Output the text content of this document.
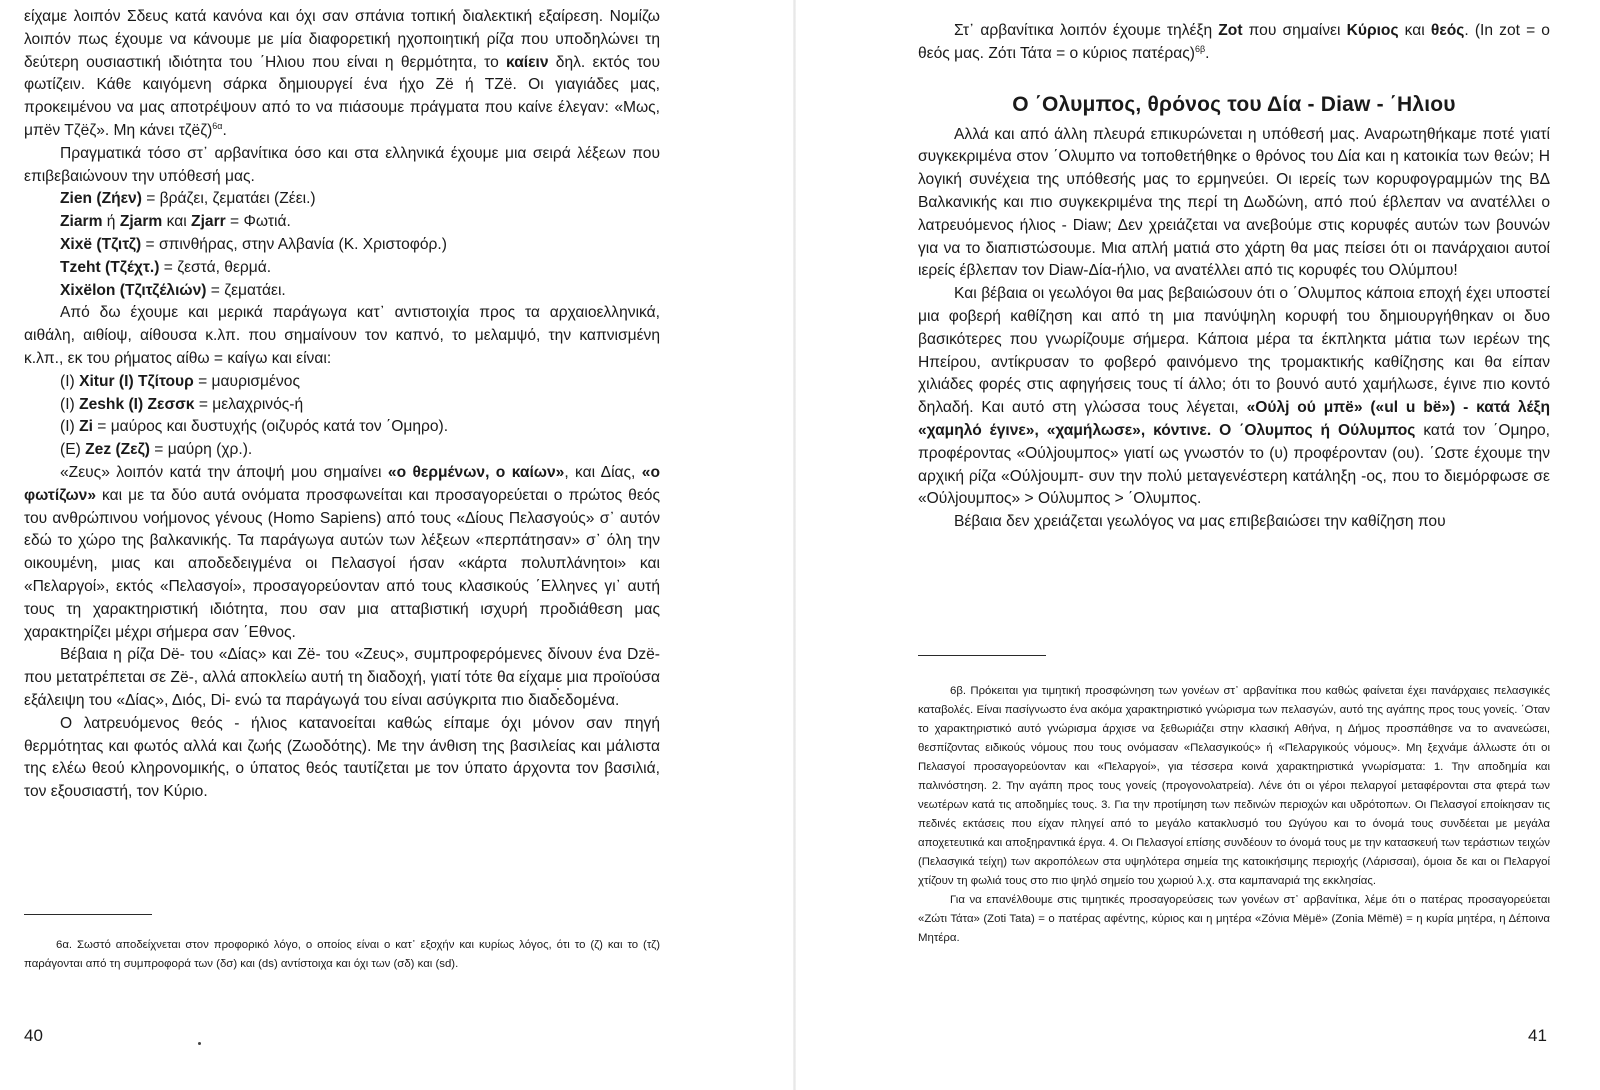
είχαμε λοιπόν Σδευς κατά κανόνα και όχι σαν σπάνια τοπική διαλεκτική εξαίρεση. Νομίζω λοιπόν πως έχουμε να κάνουμε με μία διαφορετική ηχοποιητική ρίζα που υποδηλώνει τη δεύτερη ουσιαστική ιδιότητα του ΄Ηλιου που είναι η θερμότητα, το καίειν δηλ. εκτός του φωτίζειν. Κάθε καιγόμενη σάρκα δημιουργεί ένα ήχο Ζё ή ΤΖё. Οι γιαγιάδες μας, προκειμένου να μας αποτρέψουν από το να πιάσουμε πράγματα που καίνε έλεγαν: «Μως, μπёν Τζёζ». Μη κάνει τζёζ)$^{6\alpha}$.

Πραγματικά τόσο στ᾽ αρβανίτικα όσο και στα ελληνικά έχουμε μια σειρά λέξεων που επιβεβαιώνουν την υπόθεσή μας.

Zien (Ζήεν) = βράζει, ζεματάει (Ζέει.)

Ziarm ή Zjarm και Zjarr = Φωτιά.

Xixё (Τζιτζ) = σπινθήρας, στην Αλβανία (Κ. Χριστοφόρ.)

Tzeht (Τζέχτ.) = ζεστά, θερμά.

Xixёlon (Τζιτζέλιών) = ζεματάει.

Από δω έχουμε και μερικά παράγωγα κατ᾽ αντιστοιχία προς τα αρχαιοελληνικά, αιθάλη, αιθίοψ, αίθουσα κ.λπ. που σημαίνουν τον καπνό, το μελαμψό, την καπνισμένη κ.λπ., εκ του ρήματος αίθω = καίγω και είναι:

(Ι) Xitur (Ι) Τζίτουρ = μαυρισμένος

(Ι) Zeshk (Ι) Ζεσσκ = μελαχρινός-ή

(Ι) Zi = μαύρος και δυστυχής (οιζυρός κατά τον ΄Ομηρο).

(Ε) Zez (Ζεζ) = μαύρη (χρ.).

«Ζευς» λοιπόν κατά την άποψή μου σημαίνει «ο θερμένων, ο καίων», και Δίας, «ο φωτίζων» και με τα δύο αυτά ονόματα προσφωνείται και προσαγορεύεται ο πρώτος θεός του ανθρώπινου νοήμονος γένους (Homo Sapiens) από τους «Δίους Πελασγούς» σ᾽ αυτόν εδώ το χώρο της βαλκανικής. Τα παράγωγα αυτών των λέξεων «περπάτησαν» σ᾽ όλη την οικουμένη, μιας και αποδεδειγμένα οι Πελασγοί ήσαν «κάρτα πολυπλάνητοι» και «Πελαργοί», εκτός «Πελασγοί», προσαγορεύονταν από τους κλασικούς ΄Ελληνες γι᾽ αυτή τους τη χαρακτηριστική ιδιότητα, που σαν μια ατταβιστική ισχυρή προδιάθεση μας χαρακτηρίζει μέχρι σήμερα σαν ΄Εθνος.

Βέβαια η ρίζα Dё- του «Δίας» και Ζё- του «Ζευς», συμπροφερόμενες δίνουν ένα Dzё- που μετατρέπεται σε Ζё-, αλλά αποκλείω αυτή τη διαδοχή, γιατί τότε θα είχαμε μια προϊούσα εξάλειψη του «Δίας», Διός, Di- ενώ τα παράγωγά του είναι ασύγκριτα πιο διαδεδομένα.

Ο λατρευόμενος θεός - ήλιος κατανοείται καθώς είπαμε όχι μόνον σαν πηγή θερμότητας και φωτός αλλά και ζωής (Ζωοδότης). Με την άνθιση της βασιλείας και μάλιστα της ελέω θεού κληρονομικής, ο ύπατος θεός ταυτίζεται με τον ύπατο άρχοντα τον βασιλιά, τον εξουσιαστή, τον Κύριο.

6α. Σωστό αποδείχνεται στον προφορικό λόγο, ο οποίος είναι ο κατ᾽ εξοχήν και κυρίως λόγος, ότι το (ζ) και το (τζ) παράγονται από τη συμπροφορά των (δσ) και (ds) αντίστοιχα και όχι των (σδ) και (sd).

40

Στ᾽ αρβανίτικα λοιπόν έχουμε τηλέξη Zot που σημαίνει Κύριος και θεός. (In zot = ο θεός μας. Ζότι Τάτα = ο κύριος πατέρας)$^{6\beta}$.

Ο ΄Ολυμπος, θρόνος του Δία - Diaw - ΄Ηλιου

Αλλά και από άλλη πλευρά επικυρώνεται η υπόθεσή μας. Αναρωτηθήκαμε ποτέ γιατί συγκεκριμένα στον ΄Ολυμπο να τοποθετήθηκε ο θρόνος του Δία και η κατοικία των θεών; Η λογική συνέχεια της υπόθεσής μας το ερμηνεύει. Οι ιερείς των κορυφογραμμών της ΒΔ Βαλκανικής και πιο συγκεκριμένα της περί τη Δωδώνη, από πού έβλεπαν να ανατέλλει ο λατρευόμενος ήλιος - Diaw; Δεν χρειάζεται να ανεβούμε στις κορυφές αυτών των βουνών για να το διαπιστώσουμε. Μια απλή ματιά στο χάρτη θα μας πείσει ότι οι πανάρχαιοι αυτοί ιερείς έβλεπαν τον Diaw-Δία-ήλιο, να ανατέλλει από τις κορυφές του Ολύμπου!

Και βέβαια οι γεωλόγοι θα μας βεβαιώσουν ότι ο ΄Ολυμπος κάποια εποχή έχει υποστεί μια φοβερή καθίζηση και από τη μια πανύψηλη κορυφή του δημιουργήθηκαν οι δυο βασικότερες που γνωρίζουμε σήμερα. Κάποια μέρα τα έκπληκτα μάτια των ιερέων της Ηπείρου, αντίκρυσαν το φοβερό φαινόμενο της τρομακτικής καθίζησης και θα είπαν χιλιάδες φορές στις αφηγήσεις τους τί άλλο; ότι το βουνό αυτό χαμήλωσε, έγινε πιο κοντό δηλαδή. Και αυτό στη γλώσσα τους λέγεται, «Ούλj ού μπё» («ul u bё») - κατά λέξη «χαμηλό έγινε», «χαμήλωσε», κόντινε. Ο ΄Ολυμπος ή Ούλυμπος κατά τον ΄Ομηρο, προφέροντας «Ούλjουμπος» γιατί ως γνωστόν το (υ) προφέρονταν (ου). ΄Ωστε έχουμε την αρχική ρίζα «Ούλjουμπ- συν την πολύ μεταγενέστερη κατάληξη -ος, που το διεμόρφωσε σε «Ούλjουμπος» > Ούλυμπος > ΄Ολυμπος.

Βέβαια δεν χρειάζεται γεωλόγος να μας επιβεβαιώσει την καθίζηση που

6β. Πρόκειται για τιμητική προσφώνηση των γονέων στ᾽ αρβανίτικα που καθώς φαίνεται έχει πανάρχαιες πελασγικές καταβολές. Είναι πασίγνωστο ένα ακόμα χαρακτηριστικό γνώρισμα των πελασγών, αυτό της αγάπης προς τους γονείς. ΄Οταν το χαρακτηριστικό αυτό γνώρισμα άρχισε να ξεθωριάζει στην κλασική Αθήνα, η Δήμος προσπάθησε να το ανανεώσει, θεσπίζοντας ειδικούς νόμους που τους ονόμασαν «Πελασγικούς» ή «Πελαργικούς νόμους». Μη ξεχνάμε άλλωστε ότι οι Πελασγοί προσαγορεύονταν και «Πελαργοί», για τέσσερα κοινά χαρακτηριστικά γνωρίσματα: 1. Την αποδημία και παλινόστηση. 2. Την αγάπη προς τους γονείς (προγονολατρεία). Λένε ότι οι γέροι πελαργοί μεταφέρονται στα φτερά των νεωτέρων κατά τις αποδημίες τους. 3. Για την προτίμηση των πεδινών περιοχών και υδρότοπων. Οι Πελασγοί εποίκησαν τις πεδινές εκτάσεις που είχαν πληγεί από το μεγάλο κατακλυσμό του Ωγύγου και το όνομά τους συνδέεται με μεγάλα αποχετευτικά και αποξηραντικά έργα. 4. Οι Πελασγοί επίσης συνδέουν το όνομά τους με την κατασκευή των τεράστιων τειχών (Πελασγικά τείχη) των ακροπόλεων στα υψηλότερα σημεία της κατοικήσιμης περιοχής (Λάρισσαι), όμοια δε και οι Πελαργοί χτίζουν τη φωλιά τους στο πιο ψηλό σημείο του χωριού λ.χ. στα καμπαναριά της εκκλησίας.

Για να επανέλθουμε στις τιμητικές προσαγορεύσεις των γονέων στ᾽ αρβανίτικα, λέμε ότι ο πατέρας προσαγορεύεται «Ζώτι Τάτα» (Zoti Tata) = ο πατέρας αφέντης, κύριος και η μητέρα «Ζόνια Μёμё» (Zonia Mёmё) = η κυρία μητέρα, η Δέποινα Μητέρα.

41
